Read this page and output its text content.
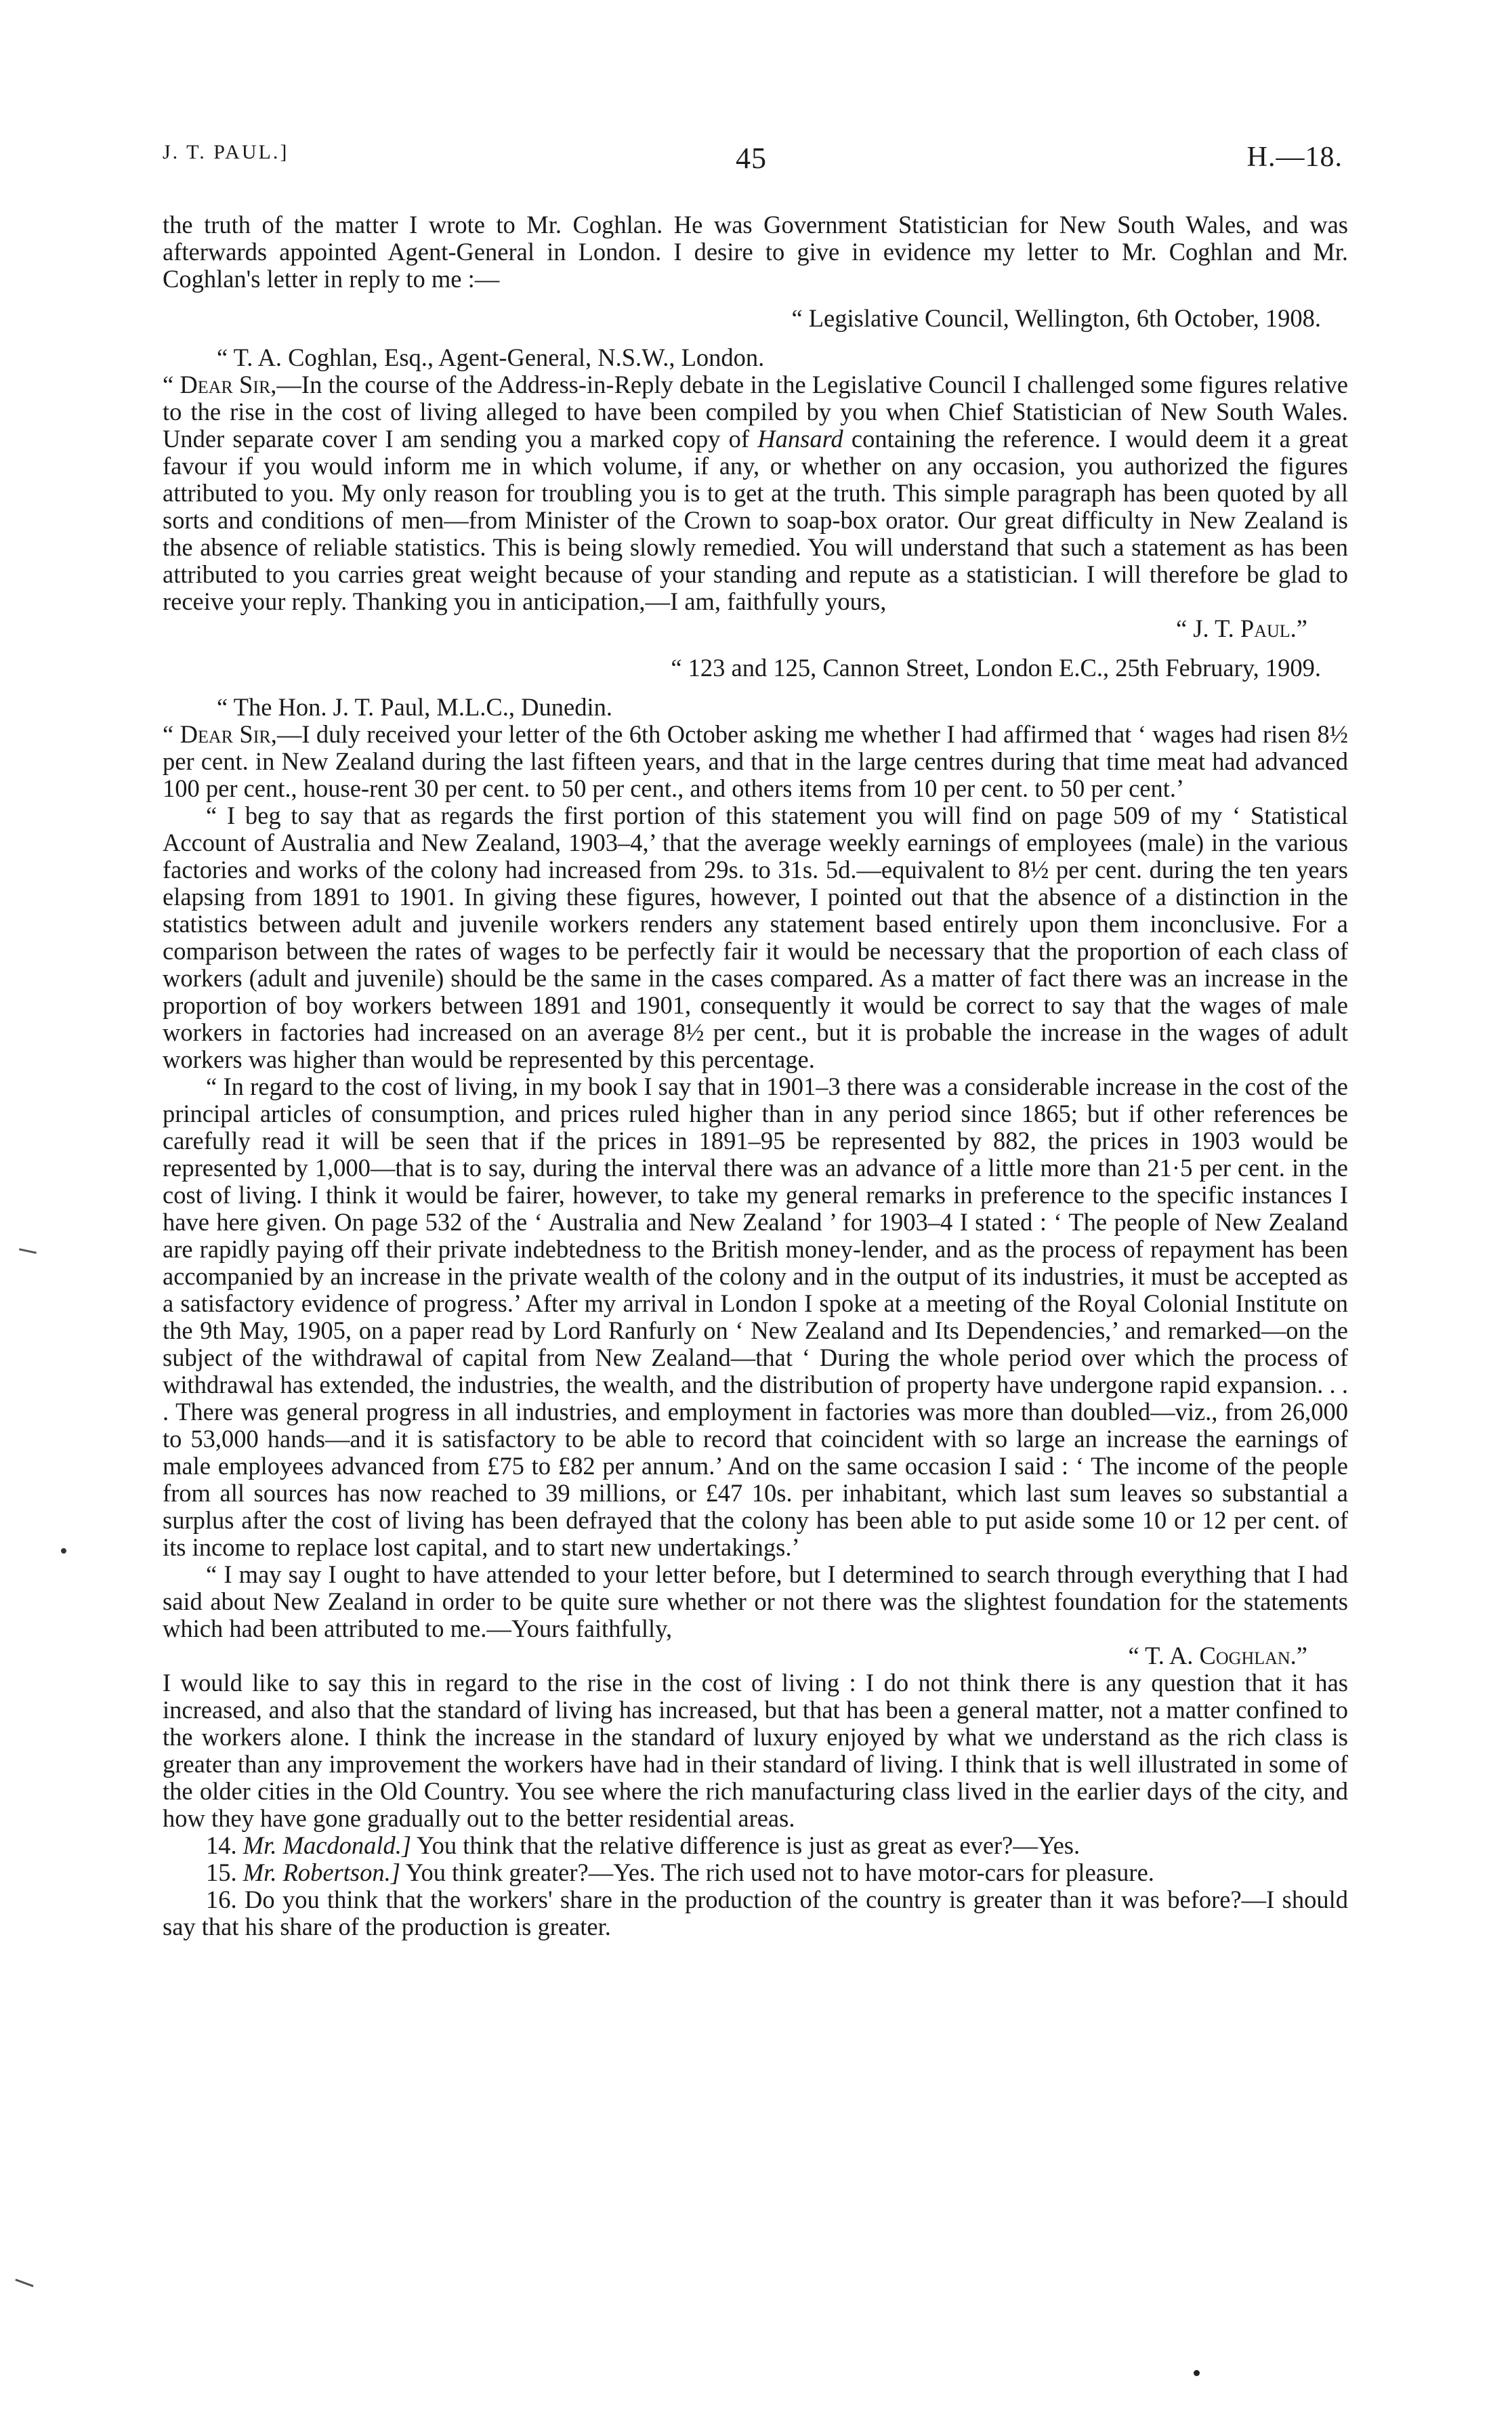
J. T. PAUL.]	45	H.—18.

the truth of the matter I wrote to Mr. Coghlan. He was Government Statistician for New South Wales, and was afterwards appointed Agent-General in London. I desire to give in evidence my letter to Mr. Coghlan and Mr. Coghlan's letter in reply to me :—

“ Legislative Council, Wellington, 6th October, 1908.

“ T. A. Coghlan, Esq., Agent-General, N.S.W., London.

“ Dear Sir,—In the course of the Address-in-Reply debate in the Legislative Council I challenged some figures relative to the rise in the cost of living alleged to have been compiled by you when Chief Statistician of New South Wales. Under separate cover I am sending you a marked copy of Hansard containing the reference. I would deem it a great favour if you would inform me in which volume, if any, or whether on any occasion, you authorized the figures attributed to you. My only reason for troubling you is to get at the truth. This simple paragraph has been quoted by all sorts and conditions of men—from Minister of the Crown to soap-box orator. Our great difficulty in New Zealand is the absence of reliable statistics. This is being slowly remedied. You will understand that such a statement as has been attributed to you carries great weight because of your standing and repute as a statistician. I will therefore be glad to receive your reply. Thanking you in anticipation,—I am, faithfully yours,

“ J. T. Paul.”

“ 123 and 125, Cannon Street, London E.C., 25th February, 1909.

“ The Hon. J. T. Paul, M.L.C., Dunedin.

“ Dear Sir,—I duly received your letter of the 6th October asking me whether I had affirmed that ‘ wages had risen 8½ per cent. in New Zealand during the last fifteen years, and that in the large centres during that time meat had advanced 100 per cent., house-rent 30 per cent. to 50 per cent., and others items from 10 per cent. to 50 per cent.’

“ I beg to say that as regards the first portion of this statement you will find on page 509 of my ‘ Statistical Account of Australia and New Zealand, 1903–4,’ that the average weekly earnings of employees (male) in the various factories and works of the colony had increased from 29s. to 31s. 5d.—equivalent to 8½ per cent. during the ten years elapsing from 1891 to 1901. In giving these figures, however, I pointed out that the absence of a distinction in the statistics between adult and juvenile workers renders any statement based entirely upon them inconclusive. For a comparison between the rates of wages to be perfectly fair it would be necessary that the proportion of each class of workers (adult and juvenile) should be the same in the cases compared. As a matter of fact there was an increase in the proportion of boy workers between 1891 and 1901, consequently it would be correct to say that the wages of male workers in factories had increased on an average 8½ per cent., but it is probable the increase in the wages of adult workers was higher than would be represented by this percentage.

“ In regard to the cost of living, in my book I say that in 1901–3 there was a considerable increase in the cost of the principal articles of consumption, and prices ruled higher than in any period since 1865; but if other references be carefully read it will be seen that if the prices in 1891–95 be represented by 882, the prices in 1903 would be represented by 1,000—that is to say, during the interval there was an advance of a little more than 21·5 per cent. in the cost of living. I think it would be fairer, however, to take my general remarks in preference to the specific instances I have here given. On page 532 of the ‘ Australia and New Zealand ’ for 1903–4 I stated : ‘ The people of New Zealand are rapidly paying off their private indebtedness to the British money-lender, and as the process of repayment has been accompanied by an increase in the private wealth of the colony and in the output of its industries, it must be accepted as a satisfactory evidence of progress.’ After my arrival in London I spoke at a meeting of the Royal Colonial Institute on the 9th May, 1905, on a paper read by Lord Ranfurly on ‘ New Zealand and Its Dependencies,’ and remarked—on the subject of the withdrawal of capital from New Zealand—that ‘ During the whole period over which the process of withdrawal has extended, the industries, the wealth, and the distribution of property have undergone rapid expansion. . . . There was general progress in all industries, and employment in factories was more than doubled—viz., from 26,000 to 53,000 hands—and it is satisfactory to be able to record that coincident with so large an increase the earnings of male employees advanced from £75 to £82 per annum.’ And on the same occasion I said : ‘ The income of the people from all sources has now reached to 39 millions, or £47 10s. per inhabitant, which last sum leaves so substantial a surplus after the cost of living has been defrayed that the colony has been able to put aside some 10 or 12 per cent. of its income to replace lost capital, and to start new undertakings.’

“ I may say I ought to have attended to your letter before, but I determined to search through everything that I had said about New Zealand in order to be quite sure whether or not there was the slightest foundation for the statements which had been attributed to me.—Yours faithfully,

“ T. A. Coghlan.”

I would like to say this in regard to the rise in the cost of living : I do not think there is any question that it has increased, and also that the standard of living has increased, but that has been a general matter, not a matter confined to the workers alone. I think the increase in the standard of luxury enjoyed by what we understand as the rich class is greater than any improvement the workers have had in their standard of living. I think that is well illustrated in some of the older cities in the Old Country. You see where the rich manufacturing class lived in the earlier days of the city, and how they have gone gradually out to the better residential areas.

14. Mr. Macdonald.] You think that the relative difference is just as great as ever?—Yes.

15. Mr. Robertson.] You think greater?—Yes. The rich used not to have motor-cars for pleasure.

16. Do you think that the workers' share in the production of the country is greater than it was before?—I should say that his share of the production is greater.
